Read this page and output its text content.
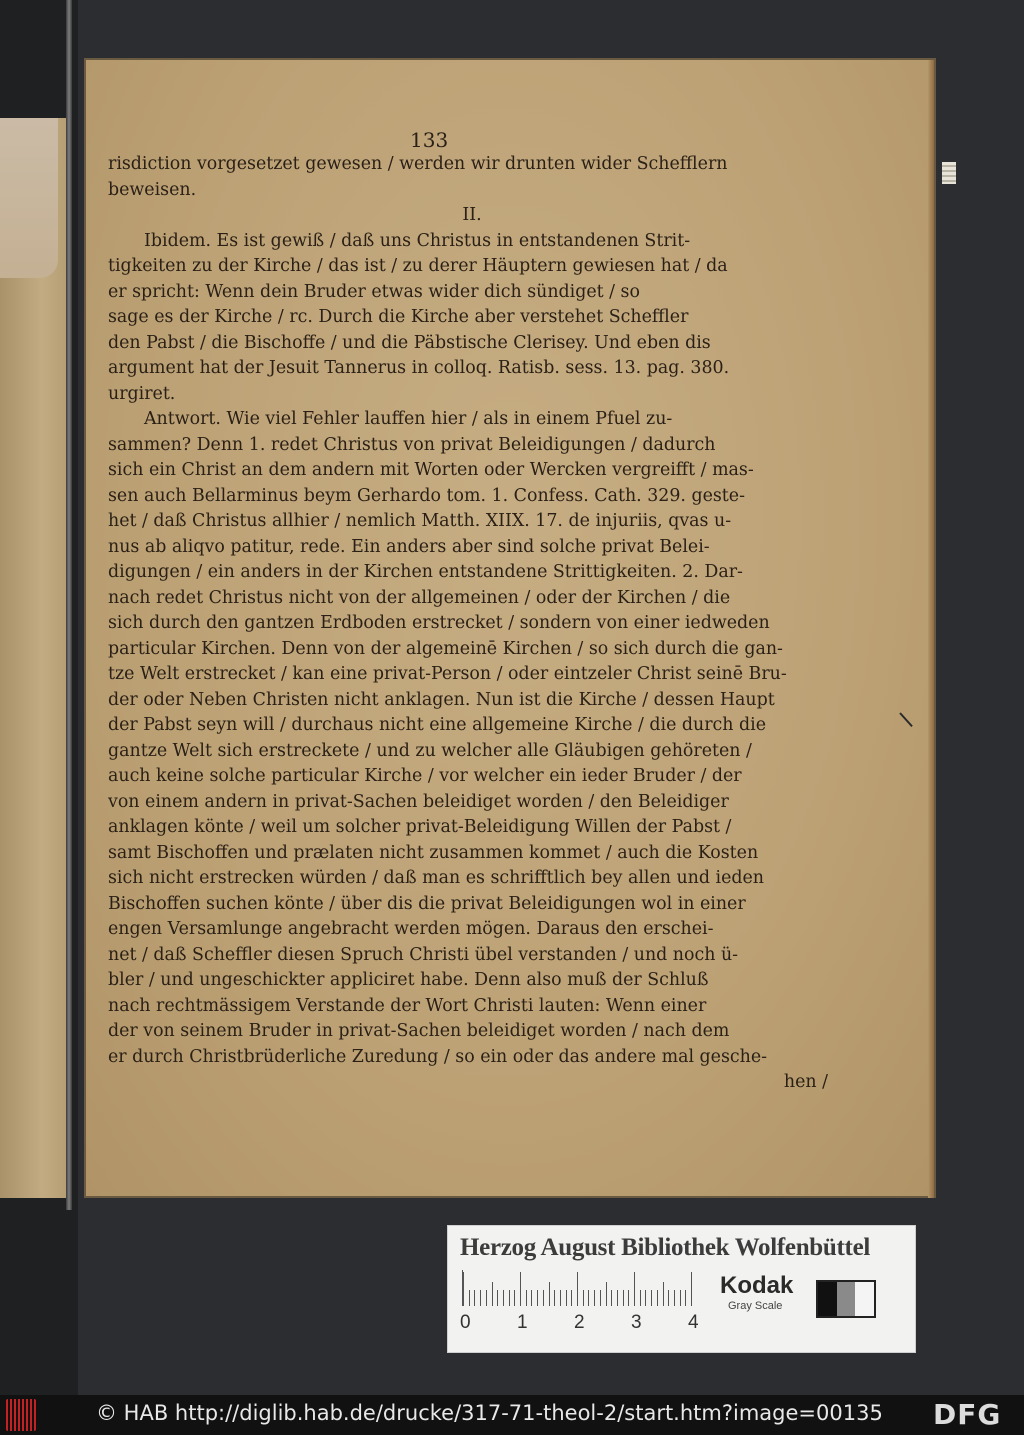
133
risdiction vorgesetzet gewesen / werden wir drunten wider Schefflern
beweisen.
II.
Ibidem. Es ist gewiß / daß uns Christus in entstandenen Strit-
tigkeiten zu der Kirche / das ist / zu derer Häuptern gewiesen hat / da
er spricht: Wenn dein Bruder etwas wider dich sündiget / so
sage es der Kirche / rc. Durch die Kirche aber verstehet Scheffler
den Pabst / die Bischoffe / und die Päbstische Clerisey. Und eben dis
argument hat der Jesuit Tannerus in colloq. Ratisb. sess. 13. pag. 380.
urgiret.
Antwort. Wie viel Fehler lauffen hier / als in einem Pfuel zu-
sammen? Denn 1. redet Christus von privat Beleidigungen / dadurch
sich ein Christ an dem andern mit Worten oder Wercken vergreifft / mas-
sen auch Bellarminus beym Gerhardo tom. 1. Confess. Cath. 329. geste-
het / daß Christus allhier / nemlich Matth. XIIX. 17. de injuriis, qvas u-
nus ab aliqvo patitur, rede. Ein anders aber sind solche privat Belei-
digungen / ein anders in der Kirchen entstandene Strittigkeiten. 2. Dar-
nach redet Christus nicht von der allgemeinen / oder der Kirchen / die
sich durch den gantzen Erdboden erstrecket / sondern von einer iedweden
particular Kirchen. Denn von der algemeinē Kirchen / so sich durch die gan-
tze Welt erstrecket / kan eine privat-Person / oder eintzeler Christ seinē Bru-
der oder Neben Christen nicht anklagen. Nun ist die Kirche / dessen Haupt
der Pabst seyn will / durchaus nicht eine allgemeine Kirche / die durch die
gantze Welt sich erstreckete / und zu welcher alle Gläubigen gehöreten /
auch keine solche particular Kirche / vor welcher ein ieder Bruder / der
von einem andern in privat-Sachen beleidiget worden / den Beleidiger
anklagen könte / weil um solcher privat-Beleidigung Willen der Pabst /
samt Bischoffen und prælaten nicht zusammen kommet / auch die Kosten
sich nicht erstrecken würden / daß man es schrifftlich bey allen und ieden
Bischoffen suchen könte / über dis die privat Beleidigungen wol in einer
engen Versamlunge angebracht werden mögen. Daraus den erschei-
net / daß Scheffler diesen Spruch Christi übel verstanden / und noch ü-
bler / und ungeschickter appliciret habe. Denn also muß der Schluß
nach rechtmässigem Verstande der Wort Christi lauten: Wenn einer
der von seinem Bruder in privat-Sachen beleidiget worden / nach dem
er durch Christbrüderliche Zuredung / so ein oder das andere mal gesche-
hen /
Herzog August Bibliothek Wolfenbüttel
0 1 2 3 4
Kodak
Gray Scale
© HAB http://diglib.hab.de/drucke/317-71-theol-2/start.htm?image=00135 DFG
